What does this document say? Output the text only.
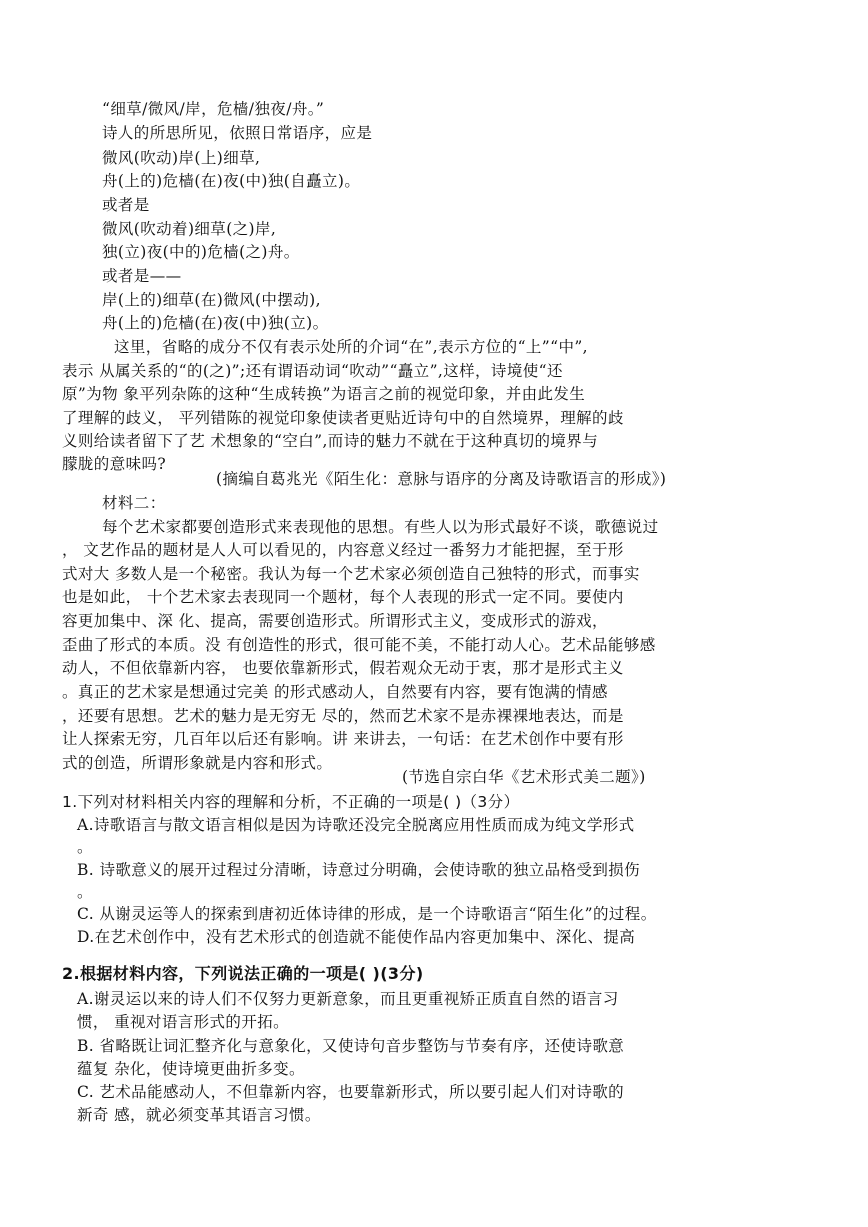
“细草/微风/岸，危樯/独夜/舟。”
诗人的所思所见，依照日常语序，应是
微风(吹动)岸(上)细草,
舟(上的)危樯(在)夜(中)独(自矗立)。
或者是
微风(吹动着)细草(之)岸,
独(立)夜(中的)危樯(之)舟。
或者是——
岸(上的)细草(在)微风(中摆动),
舟(上的)危樯(在)夜(中)独(立)。
这里，省略的成分不仅有表示处所的介词“在”,表示方位的“上”“中”,
表示 从属关系的“的(之)”;还有谓语动词“吹动”“矗立”,这样，诗境使“还
原”为物 象平列杂陈的这种“生成转换”为语言之前的视觉印象，并由此发生
了理解的歧义， 平列错陈的视觉印象使读者更贴近诗句中的自然境界，理解的歧
义则给读者留下了艺 术想象的“空白”,而诗的魅力不就在于这种真切的境界与
朦胧的意味吗?
(摘编自葛兆光《陌生化：意脉与语序的分离及诗歌语言的形成》)
材料二：
每个艺术家都要创造形式来表现他的思想。有些人以为形式最好不谈，歌德说过
， 文艺作品的题材是人人可以看见的，内容意义经过一番努力才能把握，至于形
式对大 多数人是一个秘密。我认为每一个艺术家必须创造自己独特的形式，而事实
也是如此， 十个艺术家去表现同一个题材，每个人表现的形式一定不同。要使内
容更加集中、深 化、提高，需要创造形式。所谓形式主义，变成形式的游戏，
歪曲了形式的本质。没 有创造性的形式，很可能不美，不能打动人心。艺术品能够感
动人，不但依靠新内容， 也要依靠新形式，假若观众无动于衷，那才是形式主义
。真正的艺术家是想通过完美 的形式感动人，自然要有内容，要有饱满的情感
，还要有思想。艺术的魅力是无穷无 尽的，然而艺术家不是赤裸裸地表达，而是
让人探索无穷，几百年以后还有影响。讲 来讲去，一句话：在艺术创作中要有形
式的创造，所谓形象就是内容和形式。
(节选自宗白华《艺术形式美二题》)
1.下列对材料相关内容的理解和分析，不正确的一项是( )（3分）
A.诗歌语言与散文语言相似是因为诗歌还没完全脱离应用性质而成为纯文学形式
。
B. 诗歌意义的展开过程过分清晰，诗意过分明确，会使诗歌的独立品格受到损伤
。
C. 从谢灵运等人的探索到唐初近体诗律的形成，是一个诗歌语言“陌生化”的过程。
D.在艺术创作中，没有艺术形式的创造就不能使作品内容更加集中、深化、提高
2.根据材料内容，下列说法正确的一项是( )(3分)
A.谢灵运以来的诗人们不仅努力更新意象，而且更重视矫正质直自然的语言习
惯， 重视对语言形式的开拓。
B. 省略既让词汇整齐化与意象化，又使诗句音步整饬与节奏有序，还使诗歌意
蕴复 杂化，使诗境更曲折多变。
C. 艺术品能感动人，不但靠新内容，也要靠新形式，所以要引起人们对诗歌的
新奇 感，就必须变革其语言习惯。
